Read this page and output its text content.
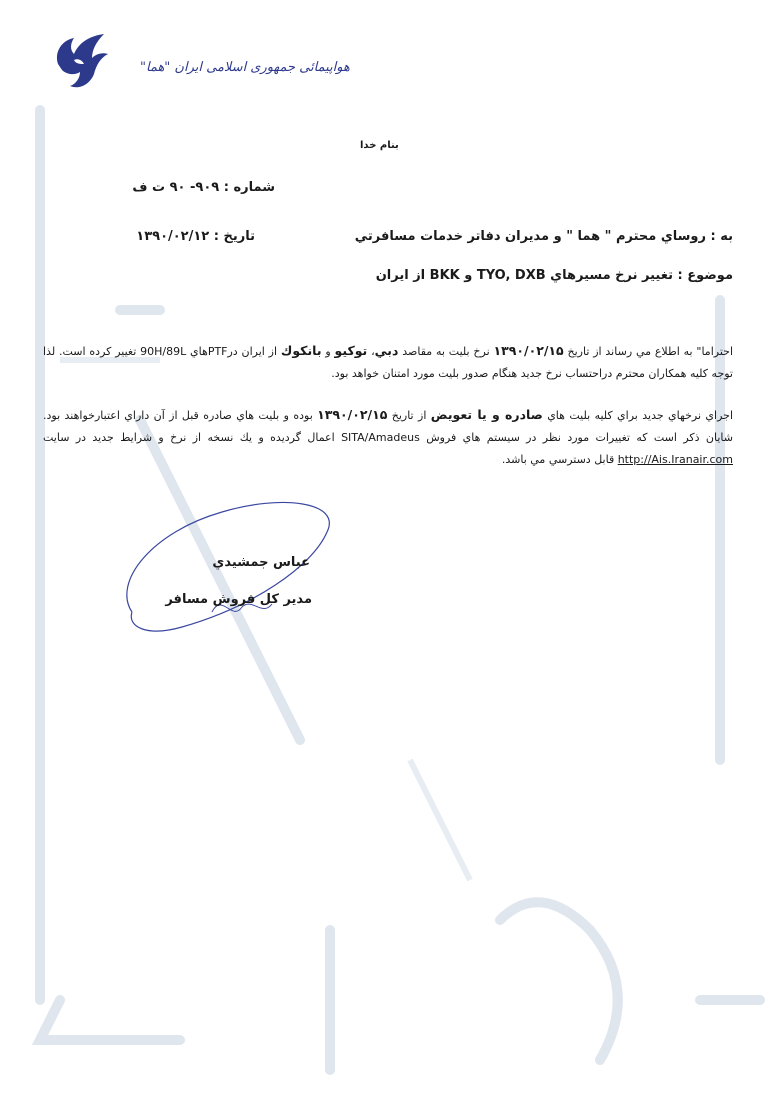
هواپیمائی جمهوری اسلامی ایران "هما"
بنام خدا
شماره : ۹۰۹- ۹۰ ت ف
تاریخ : ۱۳۹۰/۰۲/۱۲	به : روساي محترم " هما " و مديران دفاتر خدمات مسافرتي
موضوع : تغيير نرخ مسيرهاي TYO, DXB و BKK از ايران
احتراما" به اطلاع مي رساند از تاريخ ۱۳۹۰/۰۲/۱۵ نرخ بليت به مقاصد دبي، توكيو و بانكوك از ايران درPTFهاي 90H/89L تغيير كرده است. لذا توجه كليه همكاران محترم دراحتساب نرخ جديد هنگام صدور بليت مورد امتنان خواهد بود.
اجراي نرخهاي جديد براي كليه بليت هاي صادره و يا تعويض از تاريخ ۱۳۹۰/۰۲/۱۵ بوده و بليت هاي صادره قبل از آن داراي اعتبارخواهند بود. شايان ذكر است كه تغييرات مورد نظر در سيستم هاي فروش SITA/Amadeus اعمال گرديده و يك نسخه از نرخ و شرايط جديد در سايت http://Ais.Iranair.com قابل دسترسي مي باشد.
عباس جمشيدي
مدير كل فروش مسافر
